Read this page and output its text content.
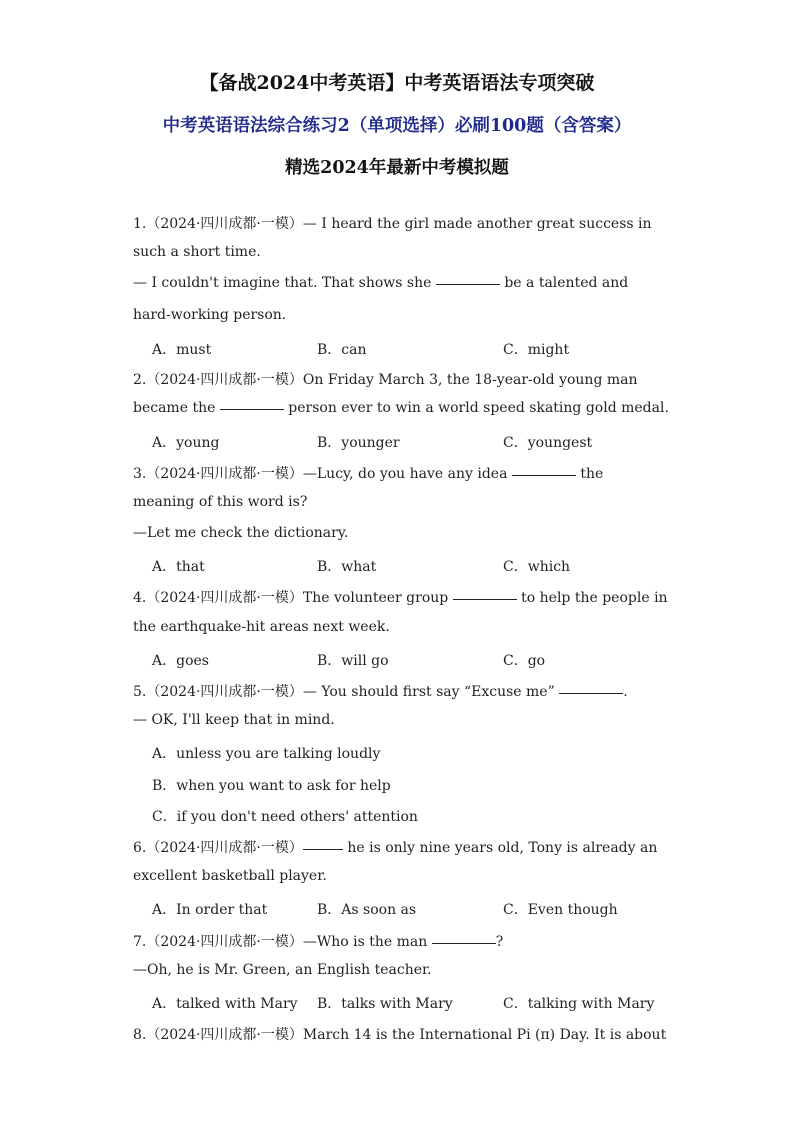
【备战2024中考英语】中考英语语法专项突破
中考英语语法综合练习2（单项选择）必刷100题（含答案）
精选2024年最新中考模拟题
1.（2024·四川成都·一模）— I heard the girl made another great success in
such a short time.
— I couldn't imagine that. That shows she	be a talented and
hard-working person.
A．must	B．can	C．might
2.（2024·四川成都·一模）On Friday March 3, the 18-year-old young man
became the	person ever to win a world speed skating gold medal.
A．young	B．younger	C．youngest
3.（2024·四川成都·一模）—Lucy, do you have any idea	the
meaning of this word is?
—Let me check the dictionary.
A．that	B．what	C．which
4.（2024·四川成都·一模）The volunteer group	to help the people in
the earthquake-hit areas next week.
A．goes	B．will go	C．go
5.（2024·四川成都·一模）— You should first say “Excuse me”	.
— OK, I'll keep that in mind.
A．unless you are talking loudly
B．when you want to ask for help
C．if you don't need others' attention
6.（2024·四川成都·一模）	he is only nine years old, Tony is already an
excellent basketball player.
A．In order that	B．As soon as	C．Even though
7.（2024·四川成都·一模）—Who is the man	?
—Oh, he is Mr. Green, an English teacher.
A．talked with Mary B．talks with Mary	C．talking with Mary
8.（2024·四川成都·一模）March 14 is the International Pi (π) Day. It is about
